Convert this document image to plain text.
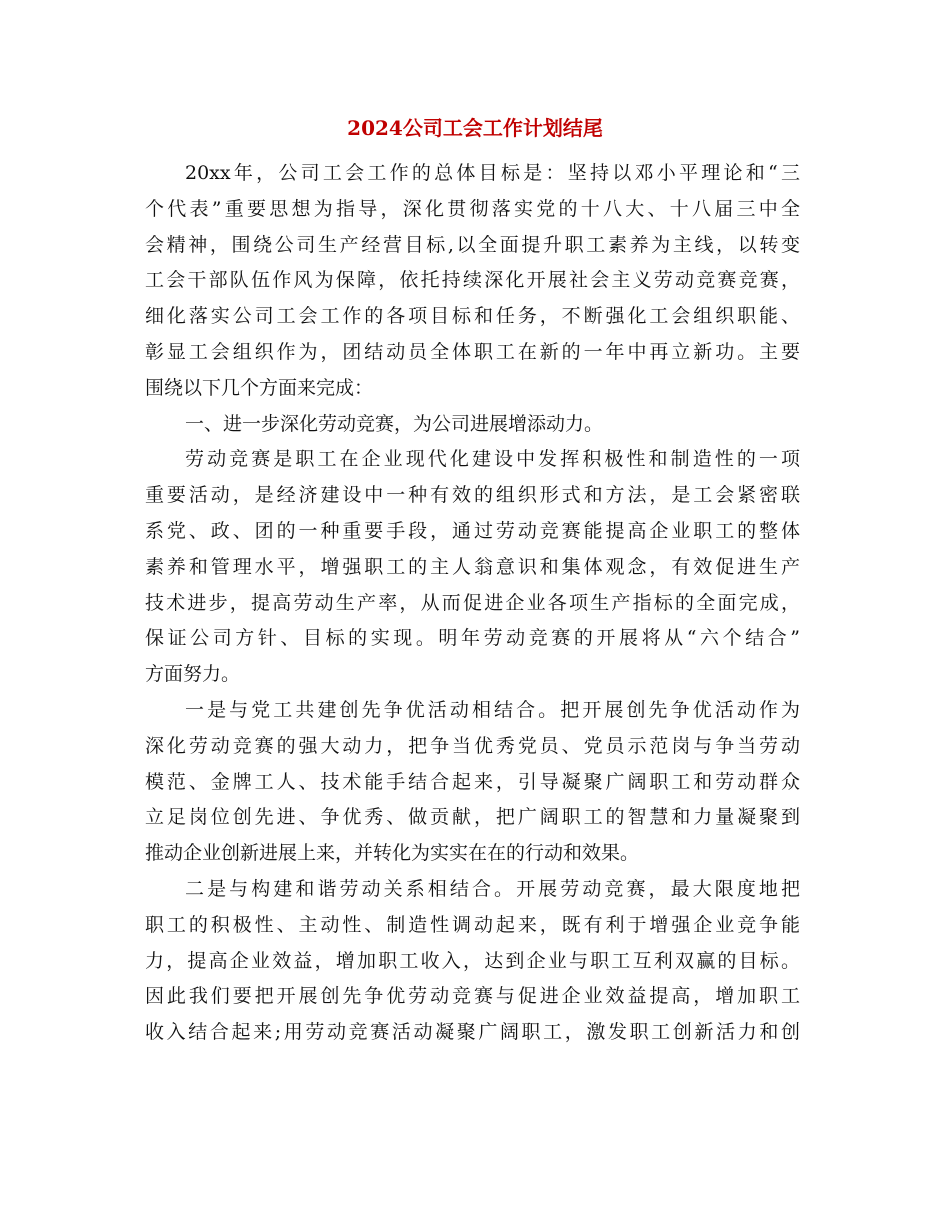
2024公司工会工作计划结尾
20xx年，公司工会工作的总体目标是：坚持以邓小平理论和“三
个代表”重要思想为指导，深化贯彻落实党的十八大、十八届三中全
会精神，围绕公司生产经营目标,以全面提升职工素养为主线，以转变
工会干部队伍作风为保障，依托持续深化开展社会主义劳动竞赛竞赛，
细化落实公司工会工作的各项目标和任务，不断强化工会组织职能、
彰显工会组织作为，团结动员全体职工在新的一年中再立新功。主要
围绕以下几个方面来完成：
一、进一步深化劳动竞赛，为公司进展增添动力。
劳动竞赛是职工在企业现代化建设中发挥积极性和制造性的一项
重要活动，是经济建设中一种有效的组织形式和方法，是工会紧密联
系党、政、团的一种重要手段，通过劳动竞赛能提高企业职工的整体
素养和管理水平，增强职工的主人翁意识和集体观念，有效促进生产
技术进步，提高劳动生产率，从而促进企业各项生产指标的全面完成，
保证公司方针、目标的实现。明年劳动竞赛的开展将从“六个结合”
方面努力。
一是与党工共建创先争优活动相结合。把开展创先争优活动作为
深化劳动竞赛的强大动力，把争当优秀党员、党员示范岗与争当劳动
模范、金牌工人、技术能手结合起来，引导凝聚广阔职工和劳动群众
立足岗位创先进、争优秀、做贡献，把广阔职工的智慧和力量凝聚到
推动企业创新进展上来，并转化为实实在在的行动和效果。
二是与构建和谐劳动关系相结合。开展劳动竞赛，最大限度地把
职工的积极性、主动性、制造性调动起来，既有利于增强企业竞争能
力，提高企业效益，增加职工收入，达到企业与职工互利双赢的目标。
因此我们要把开展创先争优劳动竞赛与促进企业效益提高，增加职工
收入结合起来;用劳动竞赛活动凝聚广阔职工，激发职工创新活力和创
